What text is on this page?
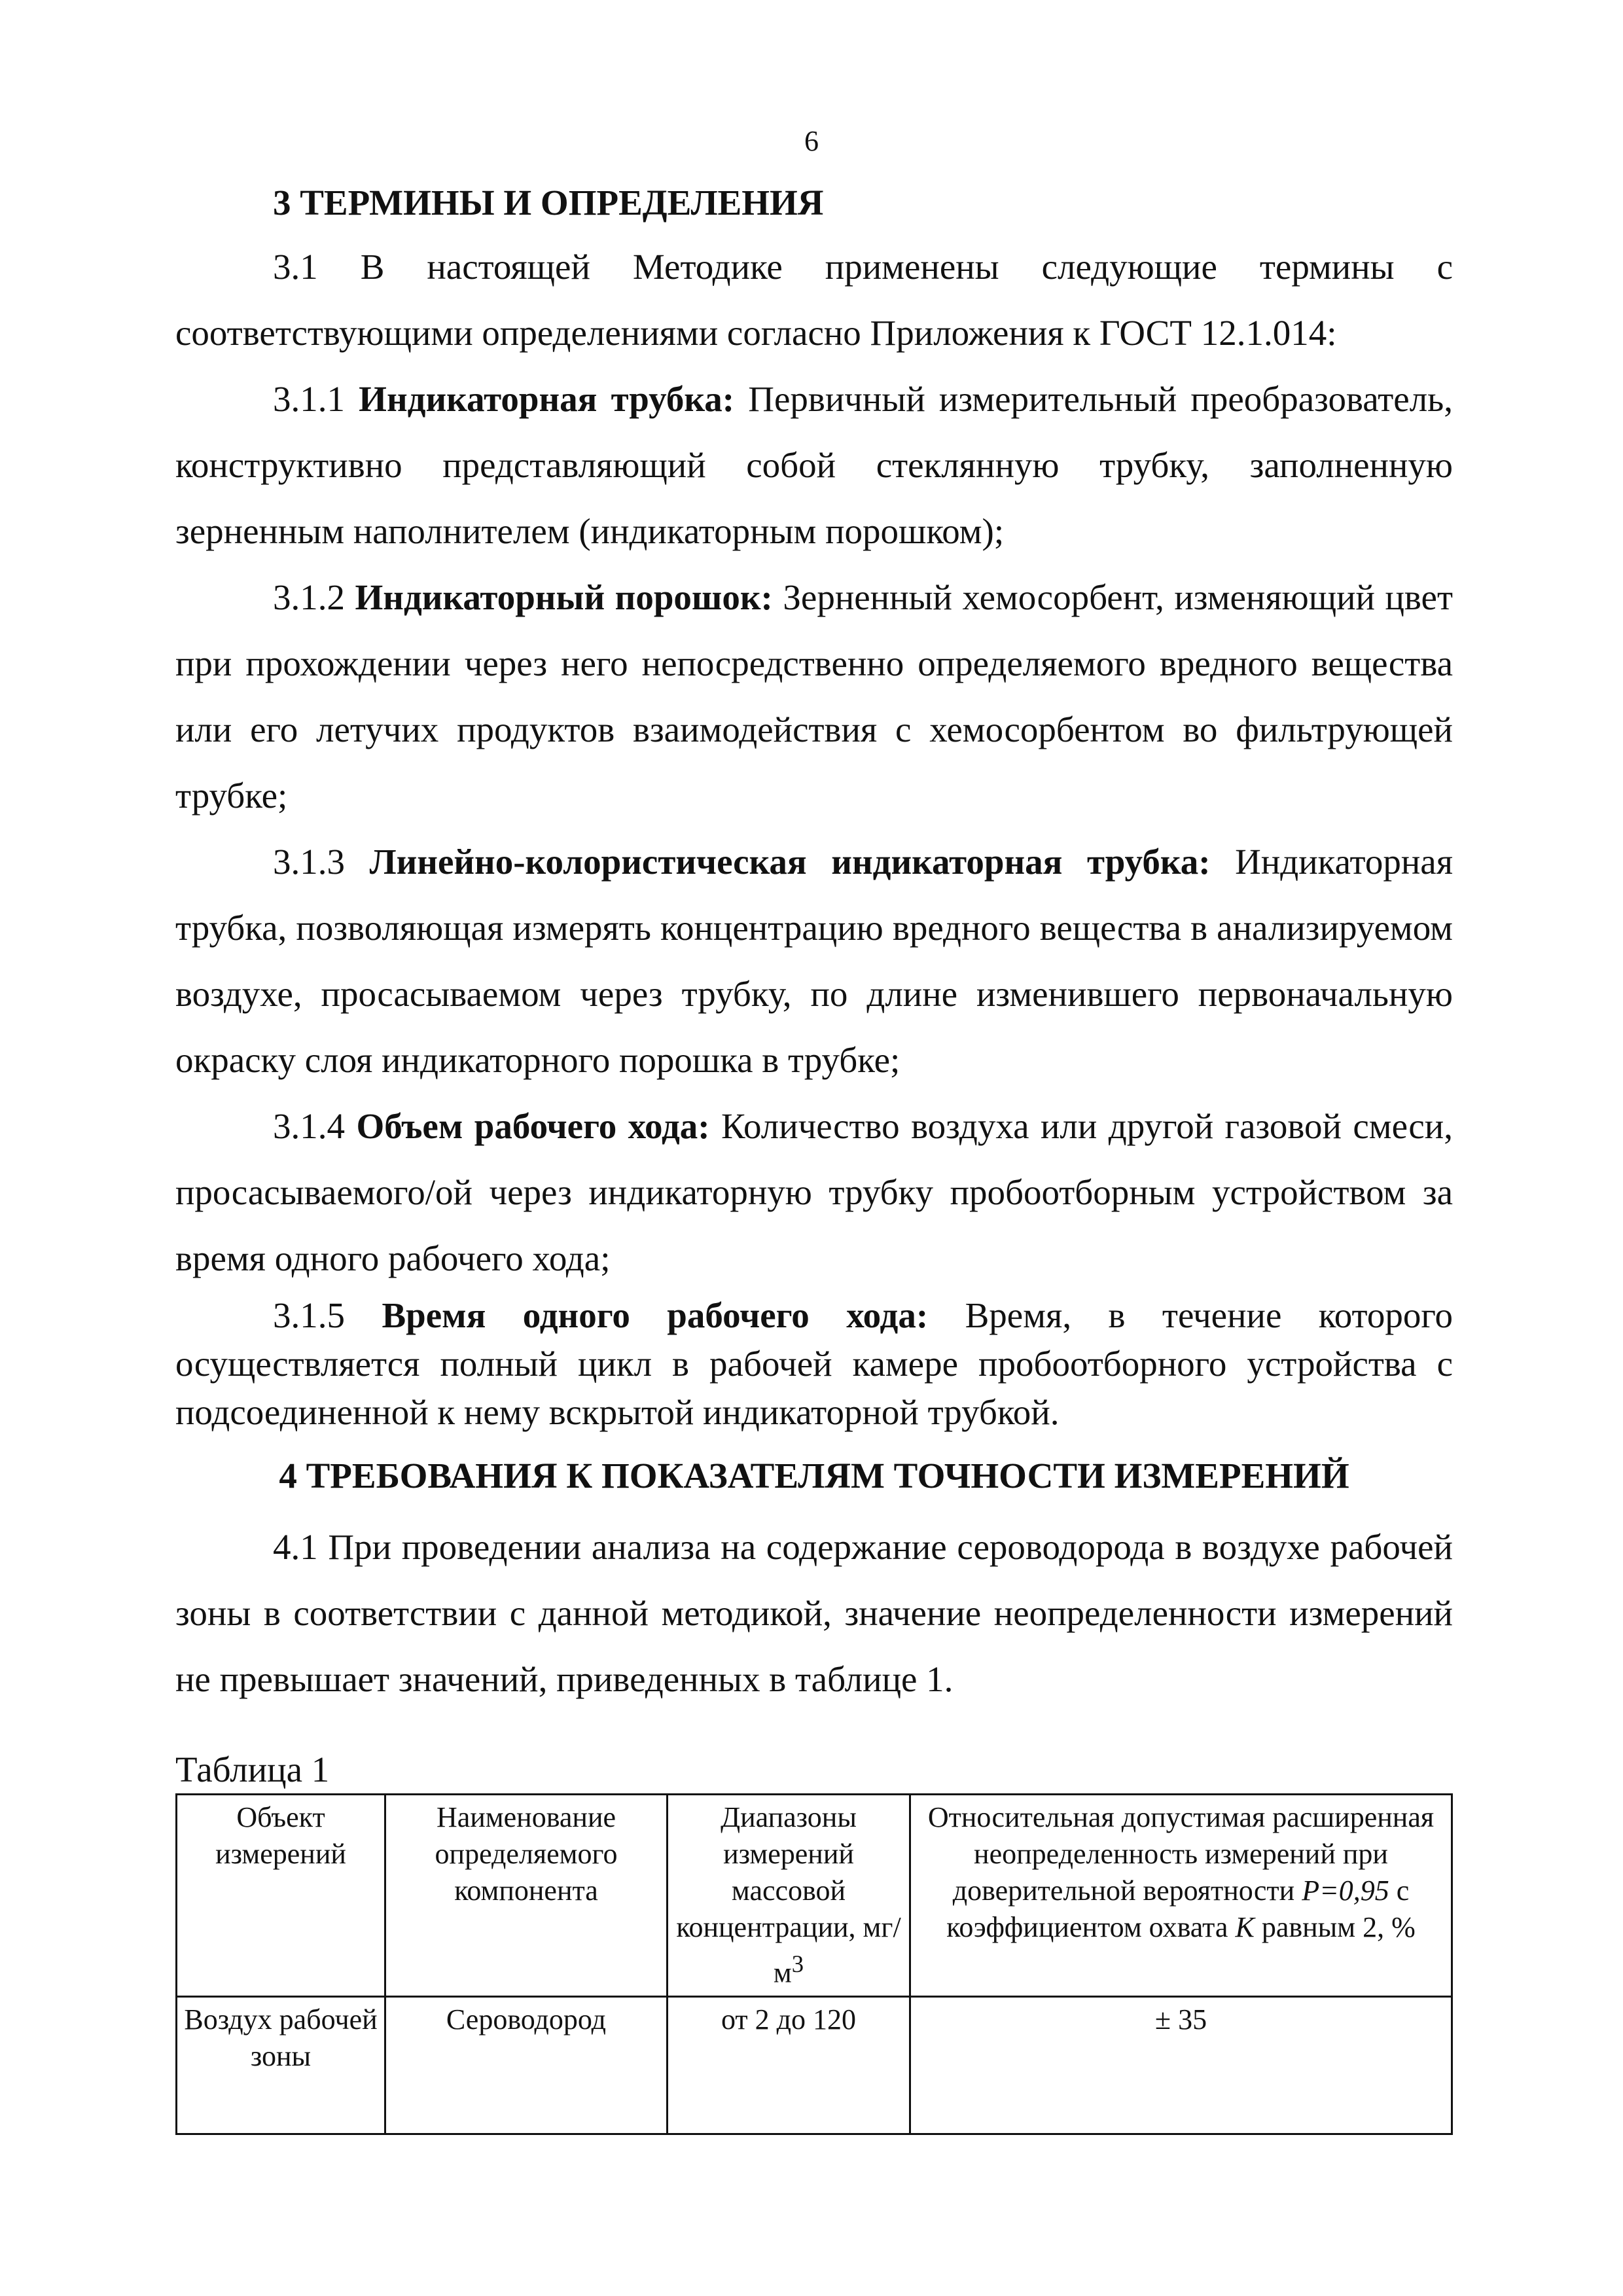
6
3 ТЕРМИНЫ И ОПРЕДЕЛЕНИЯ

3.1 В настоящей Методике применены следующие термины с соответствующими определениями согласно Приложения к ГОСТ 12.1.014:

3.1.1 Индикаторная трубка: Первичный измерительный преобразователь, конструктивно представляющий собой стеклянную трубку, заполненную зерненным наполнителем (индикаторным порошком);

3.1.2 Индикаторный порошок: Зерненный хемосорбент, изменяющий цвет при прохождении через него непосредственно определяемого вредного вещества или его летучих продуктов взаимодействия с хемосорбентом во фильтрующей трубке;

3.1.3 Линейно-колористическая индикаторная трубка: Индикаторная трубка, позволяющая измерять концентрацию вредного вещества в анализируемом воздухе, просасываемом через трубку, по длине изменившего первоначальную окраску слоя индикаторного порошка в трубке;

3.1.4 Объем рабочего хода: Количество воздуха или другой газовой смеси, просасываемого/ой через индикаторную трубку пробоотборным устройством за время одного рабочего хода;

3.1.5 Время одного рабочего хода: Время, в течение которого осуществляется полный цикл в рабочей камере пробоотборного устройства с подсоединенной к нему вскрытой индикаторной трубкой.

4 ТРЕБОВАНИЯ К ПОКАЗАТЕЛЯМ ТОЧНОСТИ ИЗМЕРЕНИЙ

4.1 При проведении анализа на содержание сероводорода в воздухе рабочей зоны в соответствии с данной методикой, значение неопределенности измерений не превышает значений, приведенных в таблице 1.

Таблица 1
Объект измерений	Наименование определяемого компонента	Диапазоны измерений массовой концентрации, $мг/м^3$	Относительная допустимая расширенная неопределенность измерений при доверительной вероятности P=0,95 с коэффициентом охвата K равным 2, %
Воздух рабочей зоны	Сероводород	от 2 до 120	± 35
